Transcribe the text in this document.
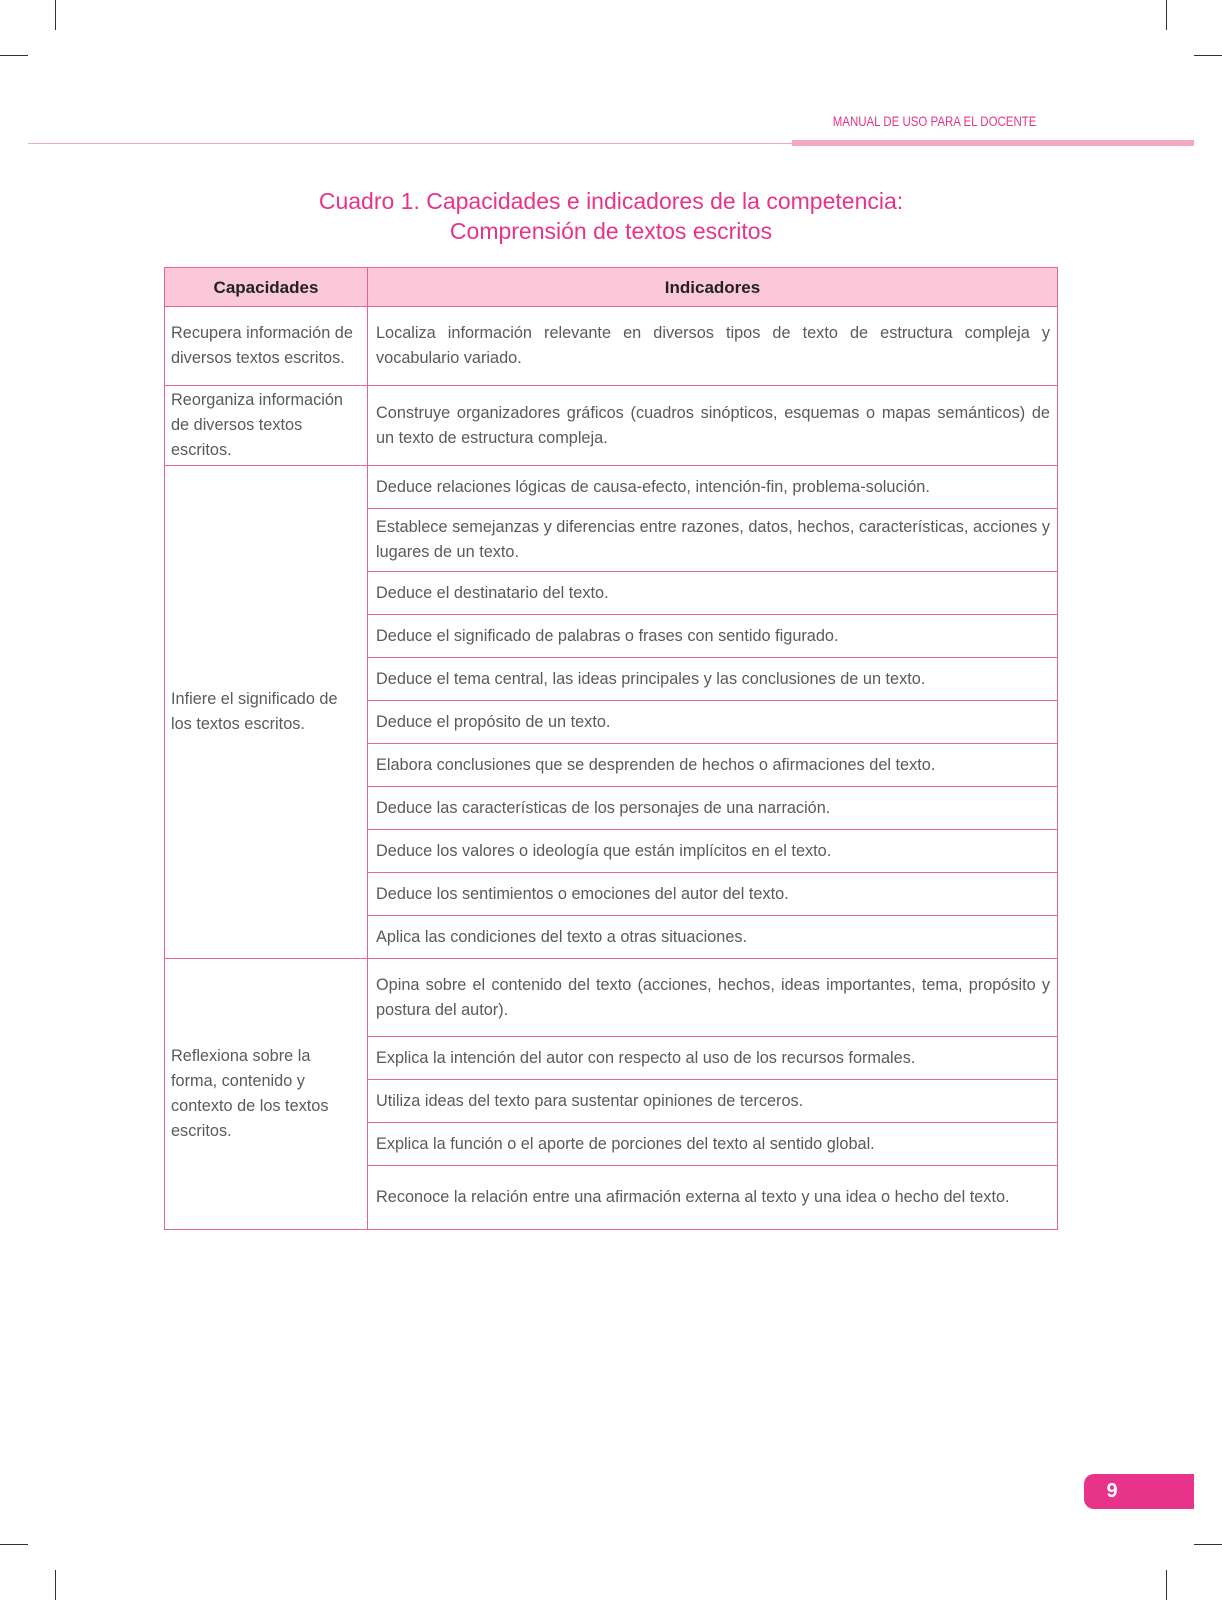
MANUAL DE USO PARA EL DOCENTE
Cuadro 1. Capacidades e indicadores de la competencia:
Comprensión de textos escritos
Capacidades	Indicadores
Recupera información de diversos textos escritos.	Localiza información relevante en diversos tipos de texto de estructura compleja y vocabulario variado.
Reorganiza información de diversos textos escritos.	Construye organizadores gráficos (cuadros sinópticos, esquemas o mapas semánticos) de un texto de estructura compleja.
Infiere el significado de los textos escritos.	Deduce relaciones lógicas de causa-efecto, intención-fin, problema-solución.
	Establece semejanzas y diferencias entre razones, datos, hechos, características, acciones y lugares de un texto.
	Deduce el destinatario del texto.
	Deduce el significado de palabras o frases con sentido figurado.
	Deduce el tema central, las ideas principales y las conclusiones de un texto.
	Deduce el propósito de un texto.
	Elabora conclusiones que se desprenden de hechos o afirmaciones del texto.
	Deduce las características de los personajes de una narración.
	Deduce los valores o ideología que están implícitos en el texto.
	Deduce los sentimientos o emociones del autor del texto.
	Aplica las condiciones del texto a otras situaciones.
Reflexiona sobre la forma, contenido y contexto de los textos escritos.	Opina sobre el contenido del texto (acciones, hechos, ideas importantes, tema, propósito y postura del autor).
	Explica la intención del autor con respecto al uso de los recursos formales.
	Utiliza ideas del texto para sustentar opiniones de terceros.
	Explica la función o el aporte de porciones del texto al sentido global.
	Reconoce la relación entre una afirmación externa al texto y una idea o hecho del texto.
9
